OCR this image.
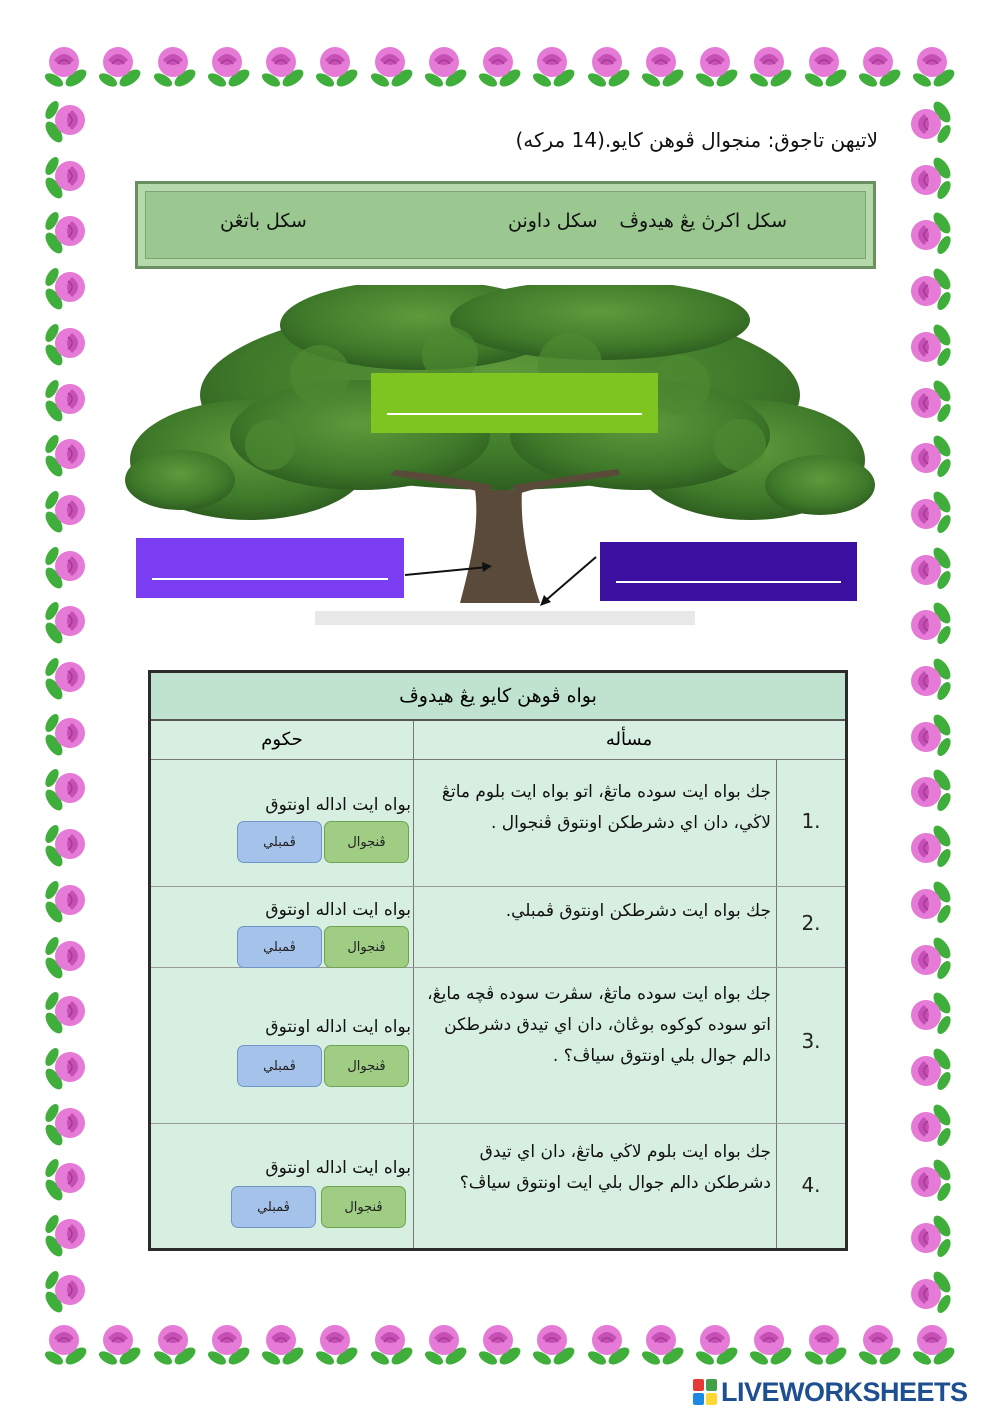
لاتيهن تاجوق: منجوال ڤوهن كايو.(14 مركه)
سكل اكرڽ يڠ هيدوڤ
سكل داونن
سكل باتڠن
بواه ڤوهن كايو يڠ هيدوڤ
حكوم	مسأله
1.
جك بواه ايت سوده ماتڠ، اتو بواه ايت بلوم ماتڠ لاڬي، دان اي دشرطكن اونتوق ڤنجوال .
بواه ايت اداله اونتوق
ڤنجوال
ڤمبلي
2.
جك بواه ايت دشرطكن اونتوق ڤمبلي.
بواه ايت اداله اونتوق
ڤنجوال
ڤمبلي
3.
جك بواه ايت سوده ماتڠ، سڤرت سوده ڤچه مايڠ، اتو سوده كوكوه بوڠاڽ، دان اي تيدق دشرطكن دالم جوال بلي اونتوق سياڤ؟ .
بواه ايت اداله اونتوق
ڤنجوال
ڤمبلي
4.
جك بواه ايت بلوم لاڬي ماتڠ، دان اي تيدق دشرطكن دالم جوال بلي ايت اونتوق سياڤ؟
بواه ايت اداله اونتوق
ڤنجوال
ڤمبلي
LIVEWORKSHEETS
